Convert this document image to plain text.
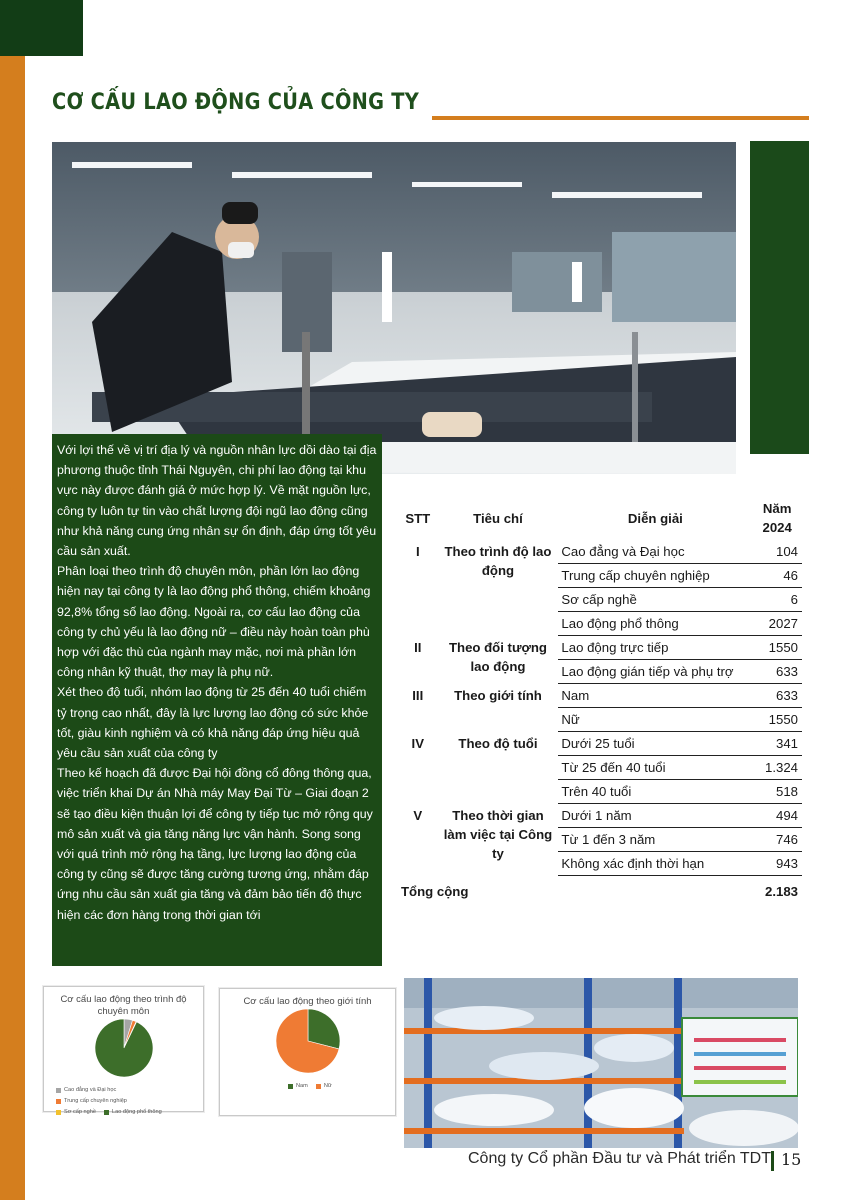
CƠ CẤU LAO ĐỘNG CỦA CÔNG TY

Với lợi thế về vị trí địa lý và nguồn nhân lực dồi dào tại địa phương thuộc tỉnh Thái Nguyên, chi phí lao động tại khu vực này được đánh giá ở mức hợp lý. Về mặt nguồn lực, công ty luôn tự tin vào chất lượng đội ngũ lao động cũng như khả năng cung ứng nhân sự ổn định, đáp ứng tốt yêu cầu sản xuất.

Phân loại theo trình độ chuyên môn, phần lớn lao động hiện nay tại công ty là lao động phổ thông, chiếm khoảng 92,8% tổng số lao động. Ngoài ra, cơ cấu lao động của công ty chủ yếu là lao động nữ – điều này hoàn toàn phù hợp với đặc thù của ngành may mặc, nơi mà phần lớn công nhân kỹ thuật, thợ may là phụ nữ.

Xét theo độ tuổi, nhóm lao động từ 25 đến 40 tuổi chiếm tỷ trọng cao nhất, đây là lực lượng lao động có sức khỏe tốt, giàu kinh nghiệm và có khả năng đáp ứng hiệu quả yêu cầu sản xuất của công ty

Theo kế hoạch đã được Đại hội đồng cổ đông thông qua, việc triển khai Dự án Nhà máy May Đại Từ – Giai đoạn 2 sẽ tạo điều kiện thuận lợi để công ty tiếp tục mở rộng quy mô sản xuất và gia tăng năng lực vận hành. Song song với quá trình mở rộng hạ tầng, lực lượng lao động của công ty cũng sẽ được tăng cường tương ứng, nhằm đáp ứng nhu cầu sản xuất gia tăng và đảm bảo tiến độ thực hiện các đơn hàng trong thời gian tới

STT	Tiêu chí	Diễn giải	Năm 2024
I	Theo trình độ lao động	Cao đẳng và Đại học	104
		Trung cấp chuyên nghiệp	46
		Sơ cấp nghề	6
		Lao động phổ thông	2027
II	Theo đối tượng lao động	Lao động trực tiếp	1550
		Lao động gián tiếp và phụ trợ	633
III	Theo giới tính	Nam	633
		Nữ	1550
IV	Theo độ tuổi	Dưới 25 tuổi	341
		Từ 25 đến 40 tuổi	1.324
		Trên 40 tuổi	518
V	Theo thời gian làm việc tại Công ty	Dưới 1 năm	494
		Từ 1 đến 3 năm	746
		Không xác định thời hạn	943
Tổng cộng			2.183
Cơ cấu lao động theo trình độ chuyên môn
Cao đẳng và Đại học
Trung cấp chuyên nghiệp

Sơ cấp nghề	Lao động phổ thông

Cơ cấu lao động theo giới tính
Nam	Nữ
Công ty Cổ phần Đầu tư và Phát triển TDT 15
